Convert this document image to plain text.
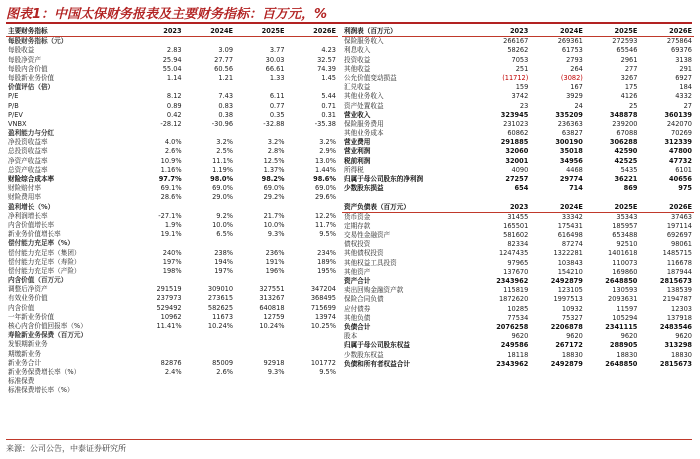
图表1：中国太保财务报表及主要财务指标：百万元，%
主要财务指标	2023	2024E	2025E	2026E
每股财务指标（元）				
每股收益	2.83	3.09	3.77	4.23
每股净资产	25.94	27.77	30.03	32.57
每股内含价值	55.04	60.56	66.61	74.39
每股新业务价值	1.14	1.21	1.33	1.45
价值评估（倍）				
P/E	8.12	7.43	6.11	5.44
P/B	0.89	0.83	0.77	0.71
P/EV	0.42	0.38	0.35	0.31
VNBX	-28.12	-30.96	-32.88	-35.38
盈利能力与分红				
净投资收益率	4.0%	3.2%	3.2%	3.2%
总投资收益率	2.6%	2.5%	2.8%	2.9%
净资产收益率	10.9%	11.1%	12.5%	13.0%
总资产收益率	1.16%	1.19%	1.37%	1.44%
财险综合成本率	97.7%	98.0%	98.2%	98.6%
财险赔付率	69.1%	69.0%	69.0%	69.0%
财险费用率	28.6%	29.0%	29.2%	29.6%
盈利增长（%）				
净利润增长率	-27.1%	9.2%	21.7%	12.2%
内含价值增长率	1.9%	10.0%	10.0%	11.7%
新业务价值增长率	19.1%	6.5%	9.3%	9.5%
偿付能力充足率（%）				
偿付能力充足率（集团）	240%	238%	236%	234%
偿付能力充足率（寿险）	197%	194%	191%	189%
偿付能力充足率（产险）	198%	197%	196%	195%
内含价值（百万元）				
调整后净资产	291519	309010	327551	347204
有效业务价值	237973	273615	313267	368495
内含价值	529492	582625	640818	715699
一年新业务价值	10962	11673	12759	13974
核心内含价值回报率（%）	11.41%	10.24%	10.24%	10.25%
寿险新业务保费（百万元）				
发银期新业务				
期缴新业务				
新业务合计	82876	85009	92918	101772
新业务保费增长率（%）	2.4%	2.6%	9.3%	9.5%
标准保费				
标准保费增长率（%）				
利润表（百万元）	2023	2024E	2025E	2026E
保险服务收入	266167	269361	272593	275864
利息收入	58262	61753	65546	69376
投资收益	7053	2793	2961	3138
其他收益	251	264	277	291
公允价值变动损益	(11712)	(3082)	3267	6927
汇兑收益	159	167	175	184
其他业务收入	3742	3929	4126	4332
资产处置收益	23	24	25	27
营业收入	323945	335209	348878	360139
保险服务费用	231023	236363	239200	242070
其他业务成本	60862	63827	67088	70269
营业费用	291885	300190	306288	312339
营业利润	32060	35018	42590	47800
税前利润	32001	34956	42525	47732
所得税	4090	4468	5435	6101
归属于母公司股东的净利润	27257	29774	36221	40656
少数股东损益	654	714	869	975
资产负债表（百万元）	2023	2024E	2025E	2026E
货币资金	31455	33342	35343	37463
定期存款	165501	175431	185957	197114
交易性金融资产	581602	616498	653488	692697
债权投资	82334	87274	92510	98061
其他债权投资	1247435	1322281	1401618	1485715
其他权益工具投资	97965	103843	110073	116678
其他资产	137670	154210	169860	187944
资产合计	2343962	2492879	2648850	2815673
卖出回购金融资产款	115819	123105	130593	138539
保险合同负债	1872620	1997513	2093631	2194787
应付债券	10285	10932	11597	12303
其他负债	77534	75327	105294	137918
负债合计	2076258	2206878	2341115	2483546
股本	9620	9620	9620	9620
归属于母公司股东权益	249586	267172	288905	313298
少数股东权益	18118	18830	18830	18830
负债和所有者权益合计	2343962	2492879	2648850	2815673
来源：公司公告，中泰证券研究所
